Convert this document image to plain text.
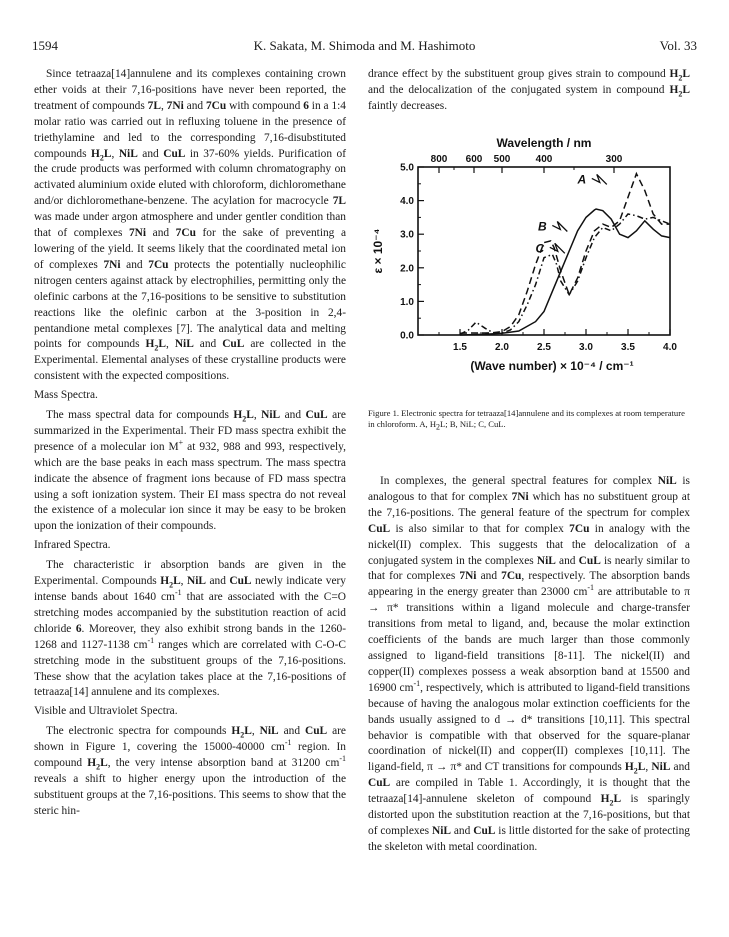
1594	K. Sakata, M. Shimoda and M. Hashimoto	Vol. 33

Since tetraaza[14]annulene and its complexes containing crown ether voids at their 7,16-positions have never been reported, the treatment of compounds 7L, 7Ni and 7Cu with compound 6 in a 1:4 molar ratio was carried out in refluxing toluene in the presence of triethylamine and led to the corresponding 7,16-disubstituted compounds $H_2L$, NiL and CuL in 37-60% yields. Purification of the crude products was performed with column chromatography on activated aluminium oxide eluted with chloroform, dichloromethane and/or dichloromethane-benzene. The acylation for macrocycle 7L was made under argon atmosphere and under gentler condition than that of complexes 7Ni and 7Cu for the sake of preventing a lowering of the yield. It seems likely that the coordinated metal ion of complexes 7Ni and 7Cu protects the potentially nucleophilic nitrogen centers against attack by electrophilies, permitting only the olefinic carbons at the 7,16-positions to be sensitive to substitution reactions like the olefinic carbon at the 3-position in 2,4-pentandione metal complexes [7]. The analytical data and melting points for compounds $H_2L$, NiL and CuL are collected in the Experimental. Elemental analyses of these crystalline products were consistent with the expected compositions.

Mass Spectra.

The mass spectral data for compounds $H_2L$, NiL and CuL are summarized in the Experimental. Their FD mass spectra exhibit the presence of a molecular ion M+ at 932, 988 and 993, respectively, which are the base peaks in each mass spectrum. The mass spectra indicate the absence of fragment ions because of FD mass spectra using a soft ionization system. Their EI mass spectra do not reveal the existence of a molecular ion since it may be easy to be broken upon the ionization of their compounds.

Infrared Spectra.

The characteristic ir absorption bands are given in the Experimental. Compounds $H_2L$, NiL and CuL newly indicate very intense bands about 1640 $cm^{-1}$ that are associated with the C=O stretching modes accompanied by the substitution reaction of acid chloride 6. Moreover, they also exhibit strong bands in the 1260-1268 and 1127-1138 $cm^{-1}$ ranges which are correlated with C-O-C stretching mode in the substituent groups of the 7,16-positions. These show that the acylation takes place at the 7,16-positions of tetraaza[14] annulene and its complexes.

Visible and Ultraviolet Spectra.

The electronic spectra for compounds $H_2L$, NiL and CuL are shown in Figure 1, covering the 15000-40000 $cm^{-1}$ region. In compound $H_2L$, the very intense absorption band at 31200 $cm^{-1}$ reveals a shift to higher energy upon the introduction of the substituent groups at the 7,16-positions. This seems to show that the steric hin-

drance effect by the substituent group gives strain to compound $H_2L$ and the delocalization of the conjugated system in compound $H_2L$ faintly decreases.

1.5	2.0	2.5	3.0	3.5	4.0
0.0
1.0
2.0
3.0
4.0
5.0
800 600 500	400	300
Wavelength / nm
(Wave number) × 10⁻⁴ / cm⁻¹
ε × 10⁻⁴
A
B
C
Figure 1. Electronic spectra for tetraaza[14]annulene and its complexes at room temperature in chloroform. A, $H_2L$; B, NiL; C, CuL.

In complexes, the general spectral features for complex NiL is analogous to that for complex 7Ni which has no substituent group at the 7,16-positions. The general feature of the spectrum for complex CuL is also similar to that for complex 7Cu in analogy with the nickel(II) complex. This suggests that the delocalization of a conjugated system in the complexes NiL and CuL is nearly similar to that for complexes 7Ni and 7Cu, respectively. The absorption bands appearing in the energy greater than 23000 $cm^{-1}$ are attributable to π → π* transitions within a ligand molecule and charge-transfer transitions from metal to ligand, and, because the molar extinction coefficients of the bands are much larger than those commonly assigned to ligand-field transitions [8-11]. The nickel(II) and copper(II) complexes possess a weak absorption band at 15500 and 16900 $cm^{-1}$, respectively, which is attributed to ligand-field transitions because of having the analogous molar extinction coefficients for the bands usually assigned to d → d* transitions [10,11]. This spectral behavior is compatible with that observed for the square-planar coordination of nickel(II) and copper(II) complexes [10,11]. The ligand-field, π → π* and CT transitions for compounds $H_2L$, NiL and CuL are compiled in Table 1. Accordingly, it is thought that the tetraaza[14]-annulene skeleton of compound $H_2L$ is sparingly distorted upon the substitution reaction at the 7,16-positions, but that of complexes NiL and CuL is little distorted for the sake of protecting the skeleton with metal coordination.
